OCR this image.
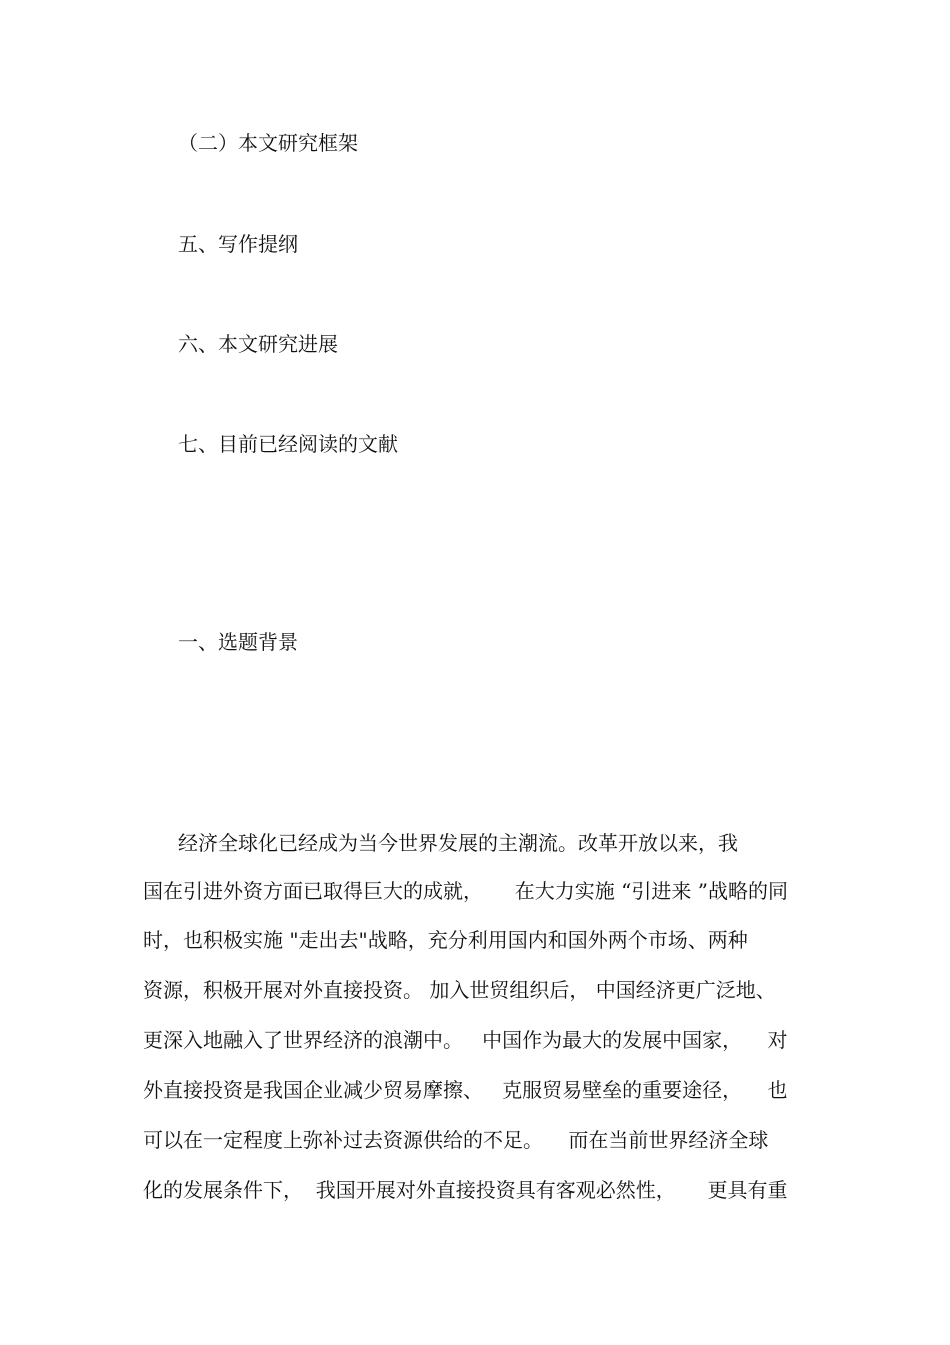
（二）本文研究框架
五、写作提纲
六、本文研究进展
七、目前已经阅读的文献
一、选题背景
经济全球化已经成为当今世界发展的主潮流。改革开放以来，我
国在引进外资方面已取得巨大的成就，     在大力实施 “引进来 ”战略的同
时，也积极实施 "走出去"战略，充分利用国内和国外两个市场、两种
资源，积极开展对外直接投资。 加入世贸组织后， 中国经济更广泛地、
更深入地融入了世界经济的浪潮中。   中国作为最大的发展中国家，    对
外直接投资是我国企业减少贸易摩擦、   克服贸易壁垒的重要途径，    也
可以在一定程度上弥补过去资源供给的不足。    而在当前世界经济全球
化的发展条件下，  我国开展对外直接投资具有客观必然性，     更具有重
